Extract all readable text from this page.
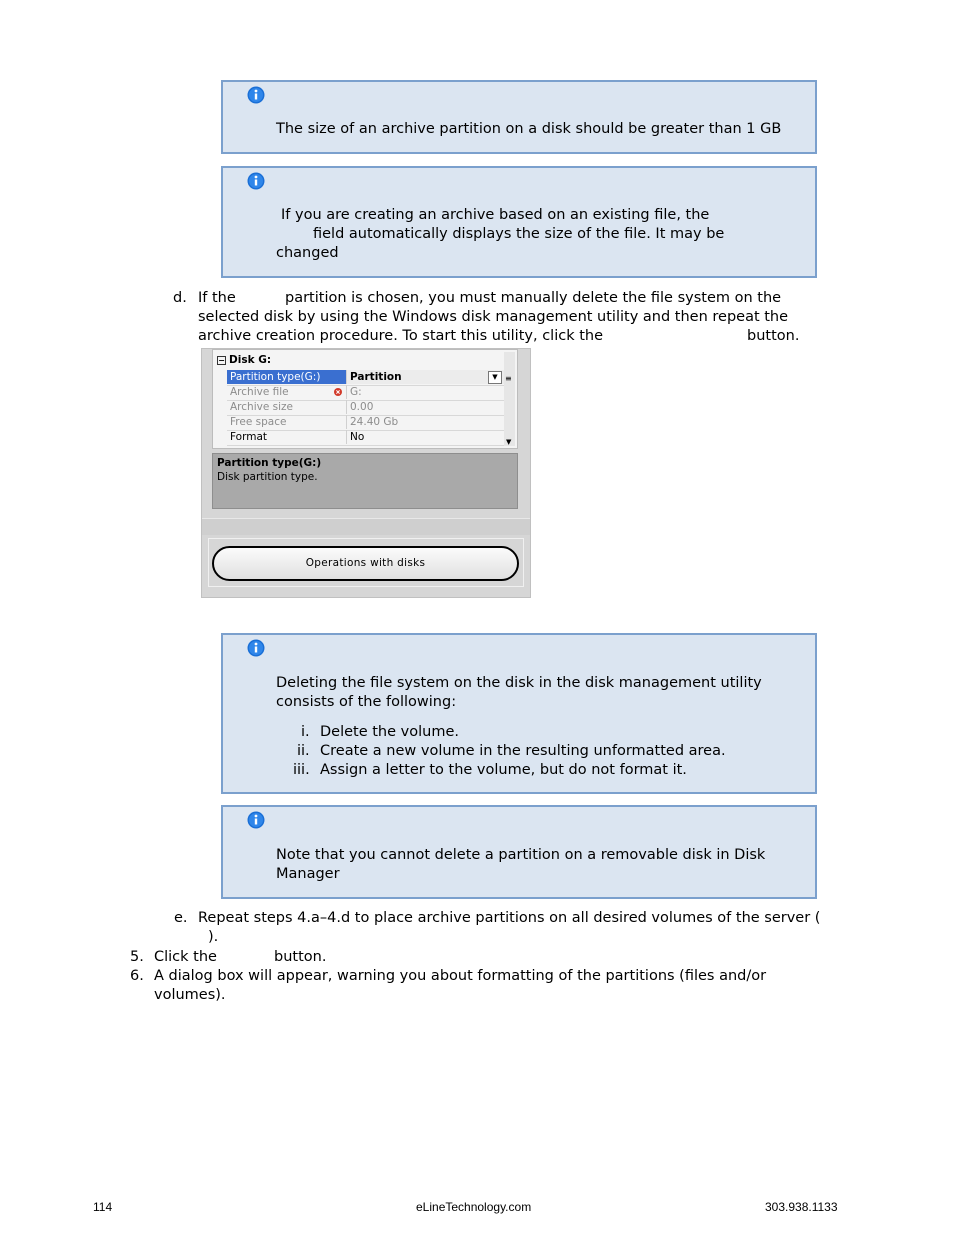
The size of an archive partition on a disk should be greater than 1 GB

If you are creating an archive based on an existing file, the

field automatically displays the size of the file. It may be

changed

d. If the	partition is chosen, you must manually delete the file system on the
selected disk by using the Windows disk management utility and then repeat the
archive creation procedure. To start this utility, click the	button.
− Disk G:
Partition type(G:)	Partition	▼
Archive file	G:
Archive size	0.00
Free space	24.40 Gb
Format	No
≡
▼
Partition type(G:)
Disk partition type.
Operations with disks

Deleting the file system on the disk in the disk management utility

consists of the following:

i. Delete the volume.

ii. Create a new volume in the resulting unformatted area.

iii. Assign a letter to the volume, but do not format it.

Note that you cannot delete a partition on a removable disk in Disk

Manager

e. Repeat steps 4.a–4.d to place archive partitions on all desired volumes of the server (
).
5. Click the	button.
6. A dialog box will appear, warning you about formatting of the partitions (files and/or
volumes).
114	eLineTechnology.com	303.938.1133
